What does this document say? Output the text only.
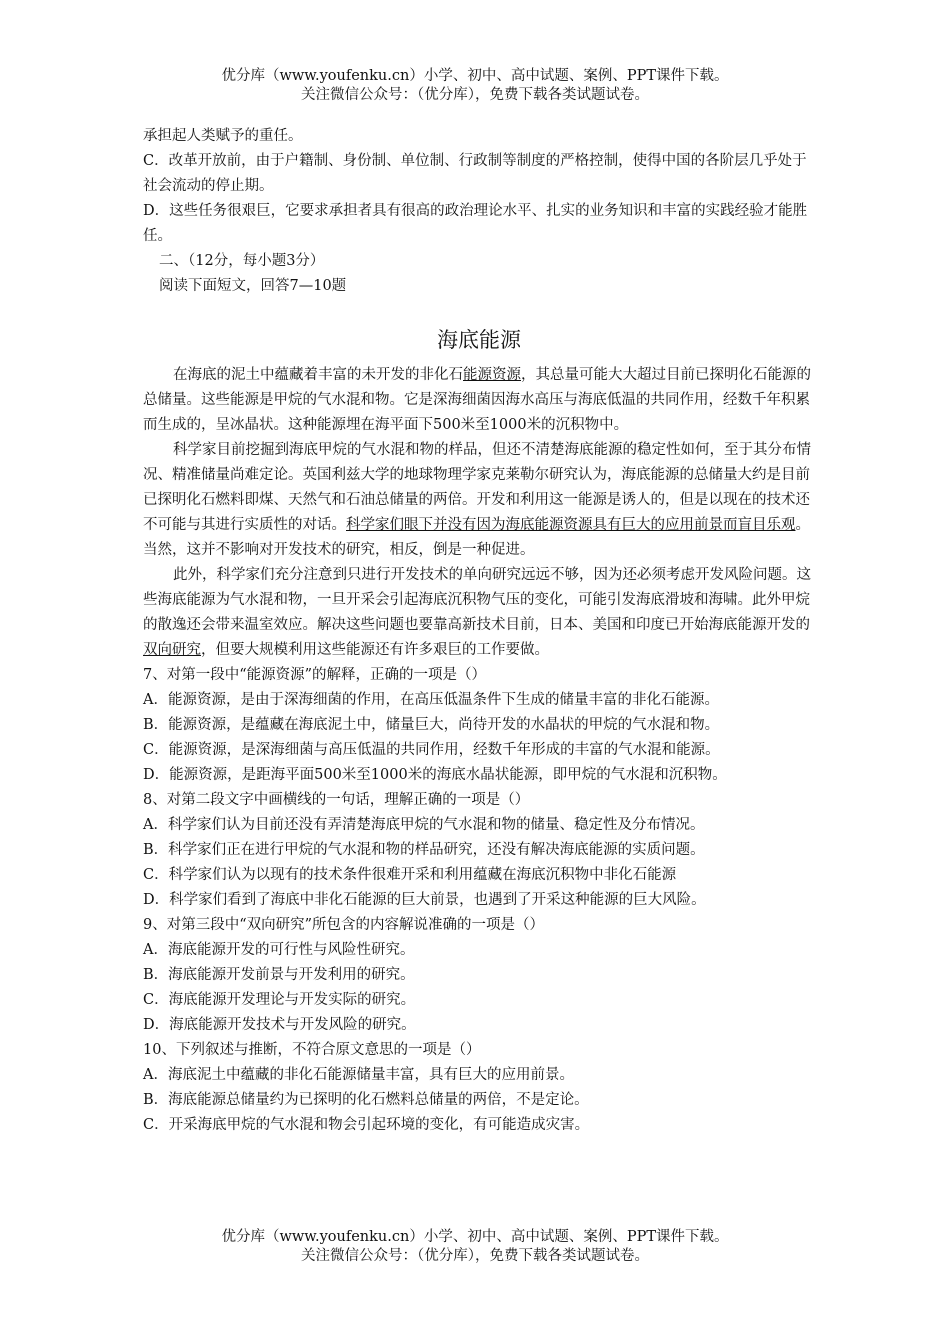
优分库（www.youfenku.cn）小学、初中、高中试题、案例、PPT课件下载。
关注微信公众号：（优分库），免费下载各类试题试卷。

承担起人类赋予的重任。

C．改革开放前，由于户籍制、身份制、单位制、行政制等制度的严格控制，使得中国的各阶层几乎处于社会流动的停止期。

D．这些任务很艰巨，它要求承担者具有很高的政治理论水平、扎实的业务知识和丰富的实践经验才能胜任。

二、（12分，每小题3分）

阅读下面短文，回答7—10题

海底能源

在海底的泥土中蕴藏着丰富的未开发的非化石能源资源，其总量可能大大超过目前已探明化石能源的总储量。这些能源是甲烷的气水混和物。它是深海细菌因海水高压与海底低温的共同作用，经数千年积累而生成的，呈冰晶状。这种能源埋在海平面下500米至1000米的沉积物中。

科学家目前挖掘到海底甲烷的气水混和物的样品，但还不清楚海底能源的稳定性如何，至于其分布情况、精准储量尚难定论。英国利兹大学的地球物理学家克莱勒尔研究认为，海底能源的总储量大约是目前已探明化石燃料即煤、天然气和石油总储量的两倍。开发和利用这一能源是诱人的，但是以现在的技术还不可能与其进行实质性的对话。科学家们眼下并没有因为海底能源资源具有巨大的应用前景而盲目乐观。当然，这并不影响对开发技术的研究，相反，倒是一种促进。

此外，科学家们充分注意到只进行开发技术的单向研究远远不够，因为还必须考虑开发风险问题。这些海底能源为气水混和物，一旦开采会引起海底沉积物气压的变化，可能引发海底滑坡和海啸。此外甲烷的散逸还会带来温室效应。解决这些问题也要靠高新技术目前，日本、美国和印度已开始海底能源开发的双向研究，但要大规模利用这些能源还有许多艰巨的工作要做。

7、对第一段中“能源资源”的解释，正确的一项是（）

A．能源资源，是由于深海细菌的作用，在高压低温条件下生成的储量丰富的非化石能源。

B．能源资源，是蕴藏在海底泥土中，储量巨大，尚待开发的水晶状的甲烷的气水混和物。

C．能源资源，是深海细菌与高压低温的共同作用，经数千年形成的丰富的气水混和能源。

D．能源资源，是距海平面500米至1000米的海底水晶状能源，即甲烷的气水混和沉积物。

8、对第二段文字中画横线的一句话，理解正确的一项是（）

A．科学家们认为目前还没有弄清楚海底甲烷的气水混和物的储量、稳定性及分布情况。

B．科学家们正在进行甲烷的气水混和物的样品研究，还没有解决海底能源的实质问题。

C．科学家们认为以现有的技术条件很难开采和利用蕴藏在海底沉积物中非化石能源

D．科学家们看到了海底中非化石能源的巨大前景，也遇到了开采这种能源的巨大风险。

9、对第三段中“双向研究”所包含的内容解说准确的一项是（）

A．海底能源开发的可行性与风险性研究。

B．海底能源开发前景与开发利用的研究。

C．海底能源开发理论与开发实际的研究。

D．海底能源开发技术与开发风险的研究。

10、下列叙述与推断，不符合原文意思的一项是（）

A．海底泥土中蕴藏的非化石能源储量丰富，具有巨大的应用前景。

B．海底能源总储量约为已探明的化石燃料总储量的两倍，不是定论。

C．开采海底甲烷的气水混和物会引起环境的变化，有可能造成灾害。

优分库（www.youfenku.cn）小学、初中、高中试题、案例、PPT课件下载。
关注微信公众号：（优分库），免费下载各类试题试卷。
